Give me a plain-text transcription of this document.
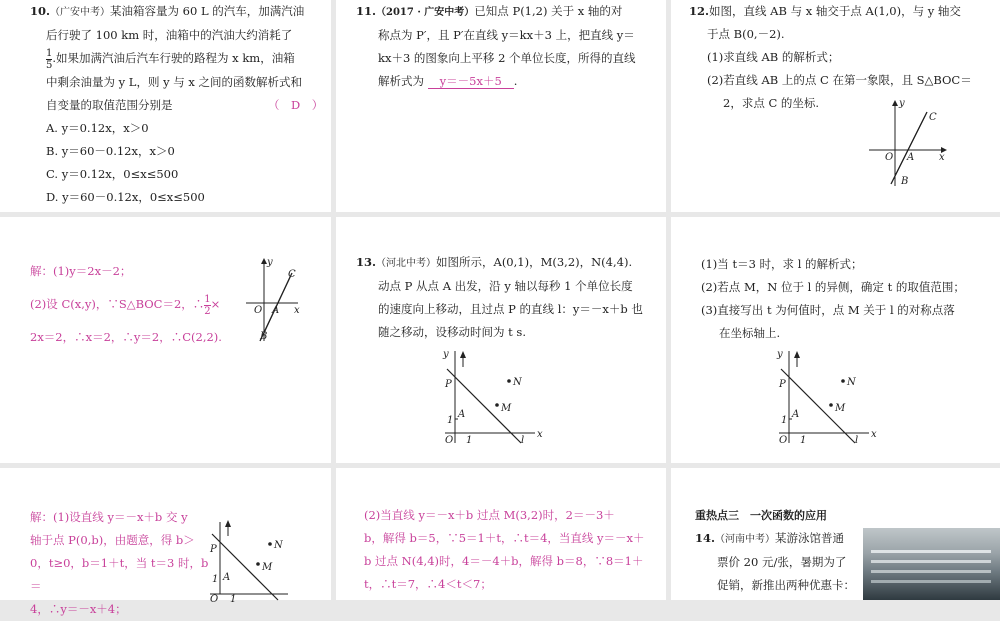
10.（广安中考）某油箱容量为 60 L 的汽车，加满汽油
后行驶了 100 km 时，油箱中的汽油大约消耗了
$\frac{1}{5}$ .如果加满汽油后汽车行驶的路程为 x km，油箱
中剩余油量为 y L，则 y 与 x 之间的函数解析式和
自变量的取值范围分别是	（　D　）
A. y＝0.12x，x＞0
B. y＝60－0.12x，x＞0
C. y＝0.12x，0≤x≤500
D. y＝60－0.12x，0≤x≤500
11.（2017 · 广安中考）已知点 P(1,2) 关于 x 轴的对
称点为 P′，且 P′在直线 y＝kx＋3 上，把直线 y＝
kx＋3 的图象向上平移 2 个单位长度，所得的直线
解析式为 y＝－5x＋5 .
12.如图，直线 AB 与 x 轴交于点 A(1,0)，与 y 轴交
于点 B(0,－2).
(1)求直线 AB 的解析式；
(2)若直线 AB 上的点 C 在第一象限，且 S△BOC＝
2，求点 C 的坐标.	y
x
O A
B
C
解：(1)y＝2x－2；
(2)设 C(x,y)，∵S△BOC＝2，∴ $\frac{1}{2}$ ×
2x＝2，∴x＝2，∴y＝2，∴C(2,2).
y
x
O A
B
C
13.（河北中考）如图所示，A(0,1)，M(3,2)，N(4,4).
动点 P 从点 A 出发，沿 y 轴以每秒 1 个单位长度
的速度向上移动，且过点 P 的直线 l：y＝－x＋b 也
随之移动，设移动时间为 t s.
y
x
O
P
A
N
M
l
1
1
(1)当 t＝3 时，求 l 的解析式；
(2)若点 M，N 位于 l 的异侧，确定 t 的取值范围；
(3)直接写出 t 为何值时，点 M 关于 l 的对称点落
在坐标轴上.
y
x
O
P
A
N
M
l
1
1
解：(1)设直线 y＝－x＋b 交 y
轴于点 P(0,b)，由题意，得 b＞
0，t≥0，b＝1＋t，当 t＝3 时，b＝
4，∴y＝－x＋4；
P
A
N
M
O
1
1
(2)当直线 y＝－x＋b 过点 M(3,2)时，2＝－3＋
b，解得 b＝5，∵5＝1＋t，∴t＝4，当直线 y＝－x＋
b 过点 N(4,4)时，4＝－4＋b，解得 b＝8，∵8＝1＋
t，∴t＝7，∴4＜t＜7；
重热点三　一次函数的应用
14.（河南中考）某游泳馆普通
票价 20 元/张，暑期为了
促销，新推出两种优惠卡：
